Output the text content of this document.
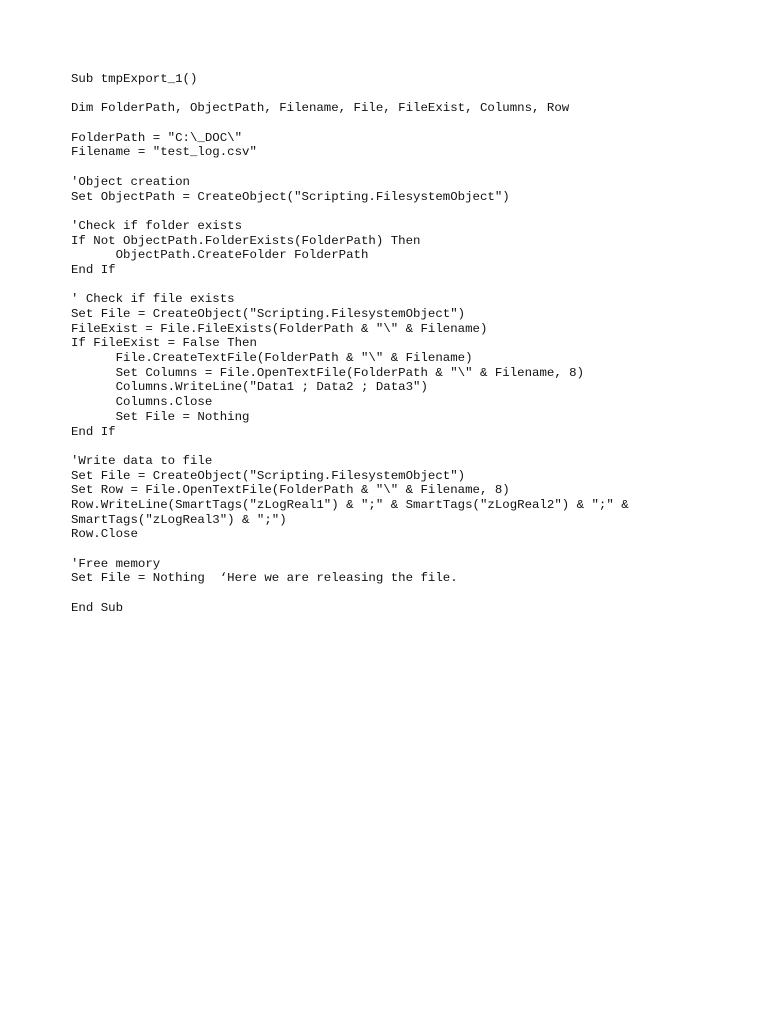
Sub tmpExport_1()
Dim FolderPath, ObjectPath, Filename, File, FileExist, Columns, Row
FolderPath = "C:\_DOC\"
Filename = "test_log.csv"
'Object creation
Set ObjectPath = CreateObject("Scripting.FilesystemObject")
'Check if folder exists
If Not ObjectPath.FolderExists(FolderPath) Then
ObjectPath.CreateFolder FolderPath
End If
' Check if file exists
Set File = CreateObject("Scripting.FilesystemObject")
FileExist = File.FileExists(FolderPath & "\" & Filename)
If FileExist = False Then
File.CreateTextFile(FolderPath & "\" & Filename)
Set Columns = File.OpenTextFile(FolderPath & "\" & Filename, 8)
Columns.WriteLine("Data1 ; Data2 ; Data3")
Columns.Close
Set File = Nothing
End If
'Write data to file
Set File = CreateObject("Scripting.FilesystemObject")
Set Row = File.OpenTextFile(FolderPath & "\" & Filename, 8)
Row.WriteLine(SmartTags("zLogReal1") & ";" & SmartTags("zLogReal2") & ";" &
SmartTags("zLogReal3") & ";")
Row.Close
'Free memory
Set File = Nothing  ‘Here we are releasing the file.
End Sub
